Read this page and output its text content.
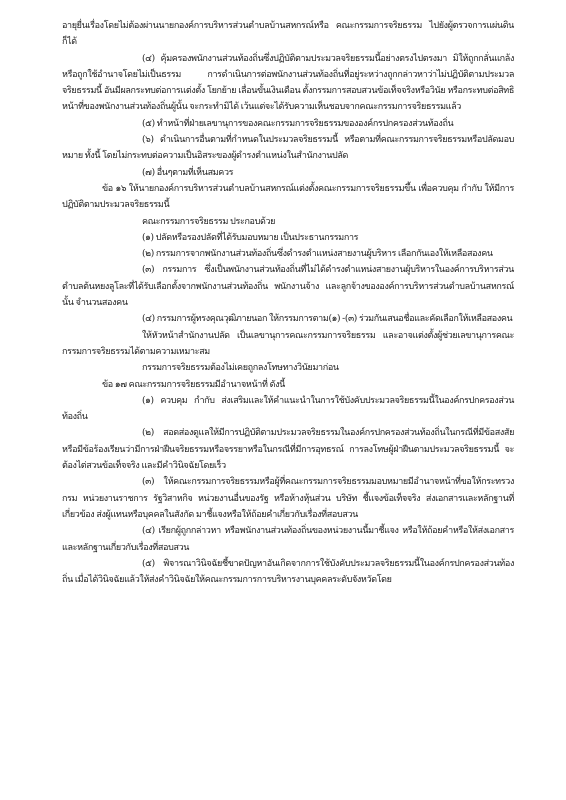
อายุยื่นเรื่องโดยไม่ต้องผ่านนายกองค์การบริหารส่วนตำบลบ้านสหกรณ์หรือ คณะกรรมการจริยธรรม ไปยังผู้ตรวจการแผ่นดินก็ได้

(๔) คุ้มครองพนักงานส่วนท้องถิ่นซึ่งปฏิบัติตามประมวลจริยธรรมนี้อย่างตรงไปตรงมา มิให้ถูกกลั่นแกล้งหรือถูกใช้อำนาจโดยไม่เป็นธรรม การดำเนินการต่อพนักงานส่วนท้องถิ่นที่อยู่ระหว่างถูกกล่าวหาว่าไม่ปฏิบัติตามประมวลจริยธรรมนี้ อันมีผลกระทบต่อการแต่งตั้ง โยกย้าย เลื่อนขั้นเงินเดือน ตั้งกรรมการสอบสวนข้อเท็จจริงหรือวินัย หรือกระทบต่อสิทธิหน้าที่ของพนักงานส่วนท้องถิ่นผู้นั้น จะกระทำมิได้ เว้นแต่จะได้รับความเห็นชอบจากคณะกรรมการจริยธรรมแล้ว

(๕) ทำหน้าที่ฝ่ายเลขานุการของคณะกรรมการจริยธรรมขององค์กรปกครองส่วนท้องถิ่น

(๖) ดำเนินการอื่นตามที่กำหนดในประมวลจริยธรรมนี้ หรือตามที่คณะกรรมการจริยธรรมหรือปลัดมอบหมาย ทั้งนี้ โดยไม่กระทบต่อความเป็นอิสระของผู้ดำรงตำแหน่งในสำนักงานปลัด

(๗) อื่นๆตามที่เห็นสมควร

ข้อ ๑๖ ให้นายกองค์การบริหารส่วนตำบลบ้านสหกรณ์แต่งตั้งคณะกรรมการจริยธรรมขึ้น เพื่อควบคุม กำกับ ให้มีการปฏิบัติตามประมวลจริยธรรมนี้

คณะกรรมการจริยธรรม ประกอบด้วย

(๑) ปลัดหรือรองปลัดที่ได้รับมอบหมาย เป็นประธานกรรมการ

(๒) กรรมการจากพนักงานส่วนท้องถิ่นซึ่งดำรงตำแหน่งสายงานผู้บริหาร เลือกกันเองให้เหลือสองคน

(๓) กรรมการ ซึ่งเป็นพนักงานส่วนท้องถิ่นที่ไม่ได้ดำรงตำแหน่งสายงานผู้บริหารในองค์การบริหารส่วนตำบลต้นหยงลูโละที่ได้รับเลือกตั้งจากพนักงานส่วนท้องถิ่น พนักงานจ้าง และลูกจ้างขององค์การบริหารส่วนตำบลบ้านสหกรณ์นั้น จำนวนสองคน

(๔) กรรมการผู้ทรงคุณวุฒิภายนอก ให้กรรมการตาม(๑) -(๓) ร่วมกันเสนอชื่อและคัดเลือกให้เหลือสองคน

ให้หัวหน้าสำนักงานปลัด เป็นเลขานุการคณะกรรมการจริยธรรม และอาจแต่งตั้งผู้ช่วยเลขานุการคณะกรรมการจริยธรรมได้ตามความเหมาะสม

กรรมการจริยธรรมต้องไม่เคยถูกลงโทษทางวินัยมาก่อน

ข้อ ๑๗ คณะกรรมการจริยธรรมมีอำนาจหน้าที่ ดังนี้

(๑) ควบคุม กำกับ ส่งเสริมและให้คำแนะนำในการใช้บังคับประมวลจริยธรรมนี้ในองค์กรปกครองส่วนท้องถิ่น

(๒) สอดส่องดูแลให้มีการปฏิบัติตามประมวลจริยธรรมในองค์กรปกครองส่วนท้องถิ่นในกรณีที่มีข้อสงสัยหรือมีข้อร้องเรียนว่ามีการฝ่าฝืนจริยธรรมหรือจรรยาหรือในกรณีที่มีการอุทธรณ์ การลงโทษผู้ฝ่าฝืนตามประมวลจริยธรรมนี้ จะต้องไต่สวนข้อเท็จจริง และมีคำวินิจฉัยโดยเร็ว

(๓) ให้คณะกรรมการจริยธรรมหรือผู้ที่คณะกรรมการจริยธรรมมอบหมายมีอำนาจหน้าที่ขอให้กระทรวง กรม หน่วยงานราชการ รัฐวิสาหกิจ หน่วยงานอื่นของรัฐ หรือห้างหุ้นส่วน บริษัท ชี้แจงข้อเท็จจริง ส่งเอกสารและหลักฐานที่เกี่ยวข้อง ส่งผู้แทนหรือบุคคลในสังกัด มาชี้แจงหรือให้ถ้อยคำเกี่ยวกับเรื่องที่สอบสวน

(๔) เรียกผู้ถูกกล่าวหา หรือพนักงานส่วนท้องถิ่นของหน่วยงานนี้มาชี้แจง หรือให้ถ้อยคำหรือให้ส่งเอกสารและหลักฐานเกี่ยวกับเรื่องที่สอบสวน

(๕) พิจารณาวินิจฉัยชี้ขาดปัญหาอันเกิดจากการใช้บังคับประมวลจริยธรรมนี้ในองค์กรปกครองส่วนท้องถิ่น เมื่อได้วินิจฉัยแล้วให้ส่งคำวินิจฉัยให้คณะกรรมการการบริหารงานบุคคลระดับจังหวัดโดย
